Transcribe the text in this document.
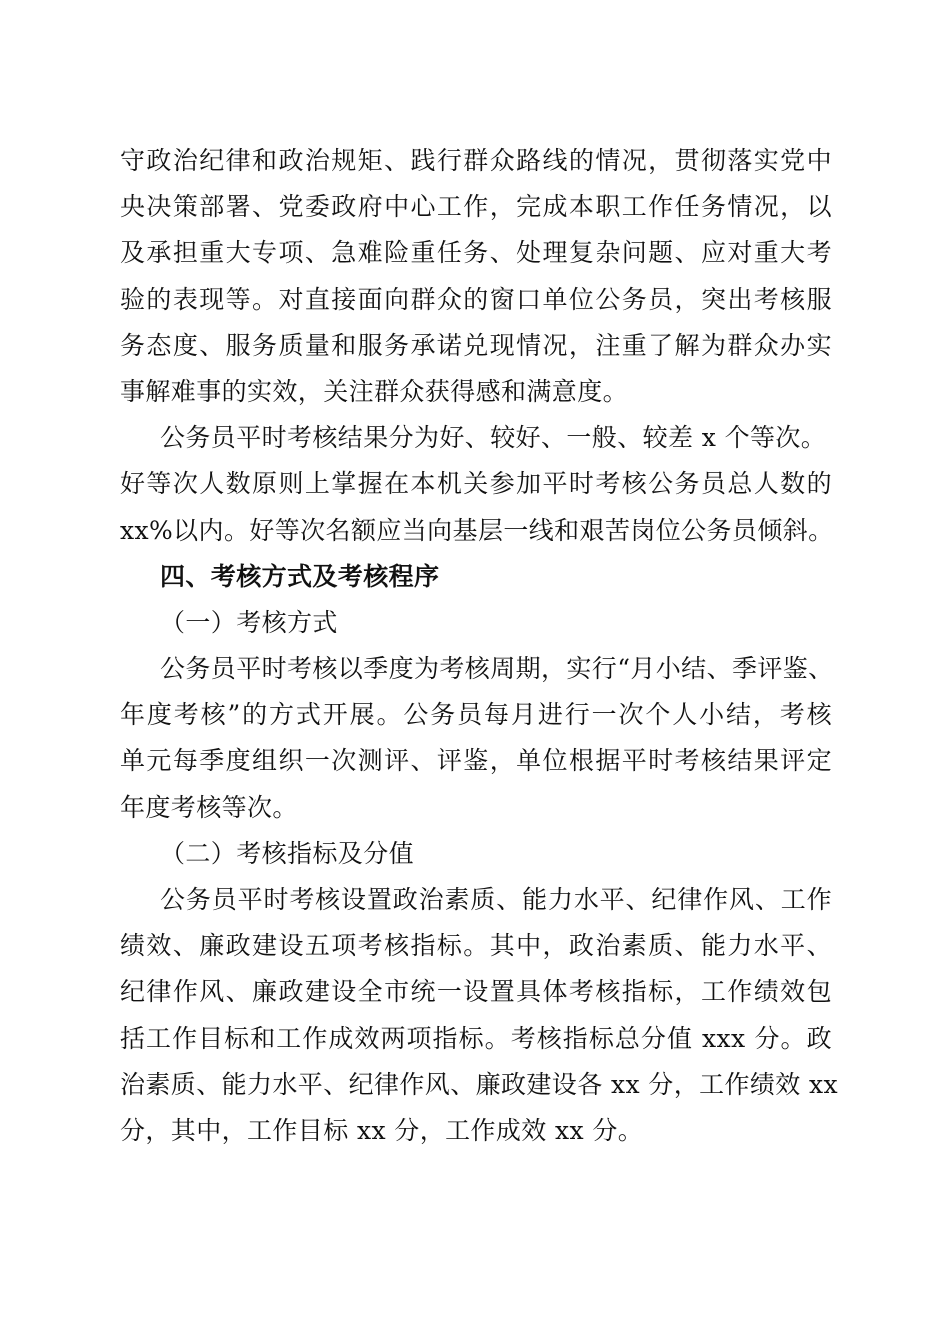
守政治纪律和政治规矩、践行群众路线的情况，贯彻落实党中
央决策部署、党委政府中心工作，完成本职工作任务情况，以
及承担重大专项、急难险重任务、处理复杂问题、应对重大考
验的表现等。对直接面向群众的窗口单位公务员，突出考核服
务态度、服务质量和服务承诺兑现情况，注重了解为群众办实
事解难事的实效，关注群众获得感和满意度。
公务员平时考核结果分为好、较好、一般、较差 x 个等次。
好等次人数原则上掌握在本机关参加平时考核公务员总人数的
xx%以内。好等次名额应当向基层一线和艰苦岗位公务员倾斜。
四、考核方式及考核程序
（一）考核方式
公务员平时考核以季度为考核周期，实行“月小结、季评鉴、
年度考核”的方式开展。公务员每月进行一次个人小结，考核
单元每季度组织一次测评、评鉴，单位根据平时考核结果评定
年度考核等次。
（二）考核指标及分值
公务员平时考核设置政治素质、能力水平、纪律作风、工作
绩效、廉政建设五项考核指标。其中，政治素质、能力水平、
纪律作风、廉政建设全市统一设置具体考核指标，工作绩效包
括工作目标和工作成效两项指标。考核指标总分值 xxx 分。政
治素质、能力水平、纪律作风、廉政建设各 xx 分，工作绩效 xx
分，其中，工作目标 xx 分，工作成效 xx 分。
